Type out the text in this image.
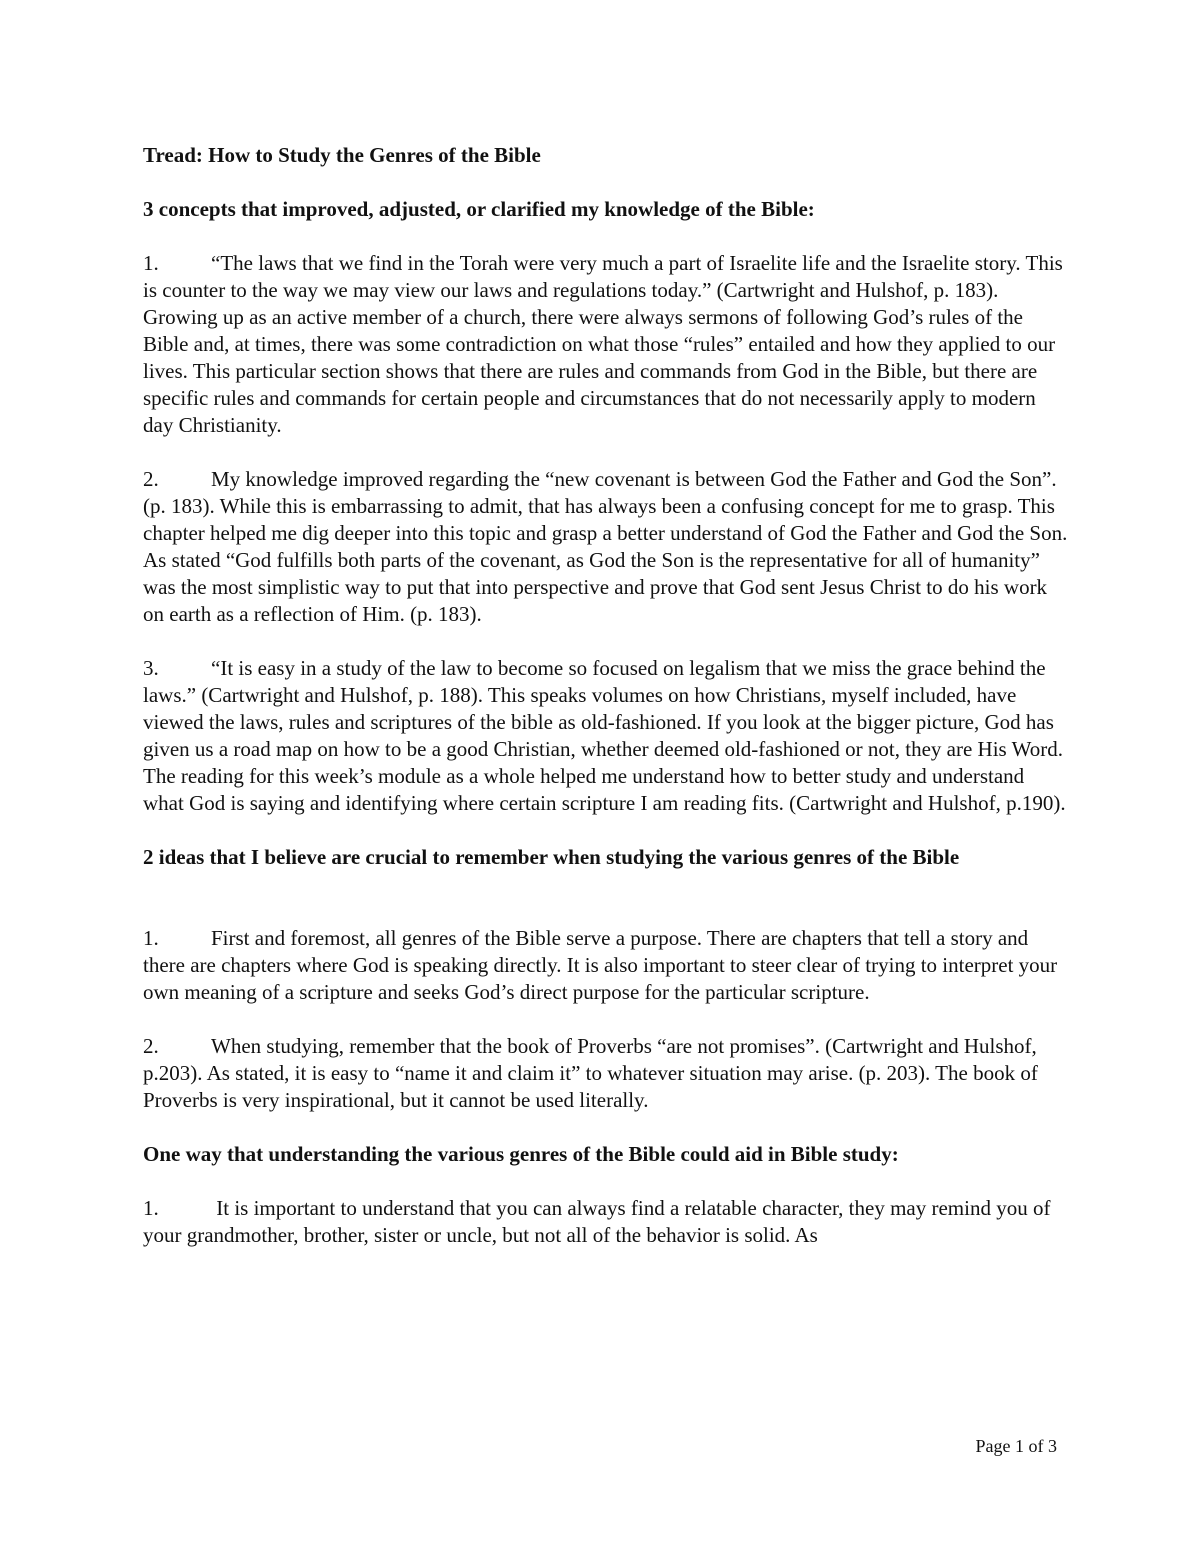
Tread: How to Study the Genres of the Bible
3 concepts that improved, adjusted, or clarified my knowledge of the Bible:

1. “The laws that we find in the Torah were very much a part of Israelite life and the Israelite story. This is counter to the way we may view our laws and regulations today.” (Cartwright and Hulshof, p. 183). Growing up as an active member of a church, there were always sermons of following God’s rules of the Bible and, at times, there was some contradiction on what those “rules” entailed and how they applied to our lives. This particular section shows that there are rules and commands from God in the Bible, but there are specific rules and commands for certain people and circumstances that do not necessarily apply to modern day Christianity.

2. My knowledge improved regarding the “new covenant is between God the Father and God the Son”. (p. 183). While this is embarrassing to admit, that has always been a confusing concept for me to grasp. This chapter helped me dig deeper into this topic and grasp a better understand of God the Father and God the Son. As stated “God fulfills both parts of the covenant, as God the Son is the representative for all of humanity” was the most simplistic way to put that into perspective and prove that God sent Jesus Christ to do his work on earth as a reflection of Him. (p. 183).

3. “It is easy in a study of the law to become so focused on legalism that we miss the grace behind the laws.” (Cartwright and Hulshof, p. 188). This speaks volumes on how Christians, myself included, have viewed the laws, rules and scriptures of the bible as old-fashioned. If you look at the bigger picture, God has given us a road map on how to be a good Christian, whether deemed old-fashioned or not, they are His Word. The reading for this week’s module as a whole helped me understand how to better study and understand what God is saying and identifying where certain scripture I am reading fits. (Cartwright and Hulshof, p.190).

2 ideas that I believe are crucial to remember when studying the various genres of the Bible

1. First and foremost, all genres of the Bible serve a purpose. There are chapters that tell a story and there are chapters where God is speaking directly. It is also important to steer clear of trying to interpret your own meaning of a scripture and seeks God’s direct purpose for the particular scripture.

2. When studying, remember that the book of Proverbs “are not promises”. (Cartwright and Hulshof, p.203). As stated, it is easy to “name it and claim it” to whatever situation may arise. (p. 203). The book of Proverbs is very inspirational, but it cannot be used literally.

One way that understanding the various genres of the Bible could aid in Bible study:

1. It is important to understand that you can always find a relatable character, they may remind you of your grandmother, brother, sister or uncle, but not all of the behavior is solid. As

Page 1 of 3
